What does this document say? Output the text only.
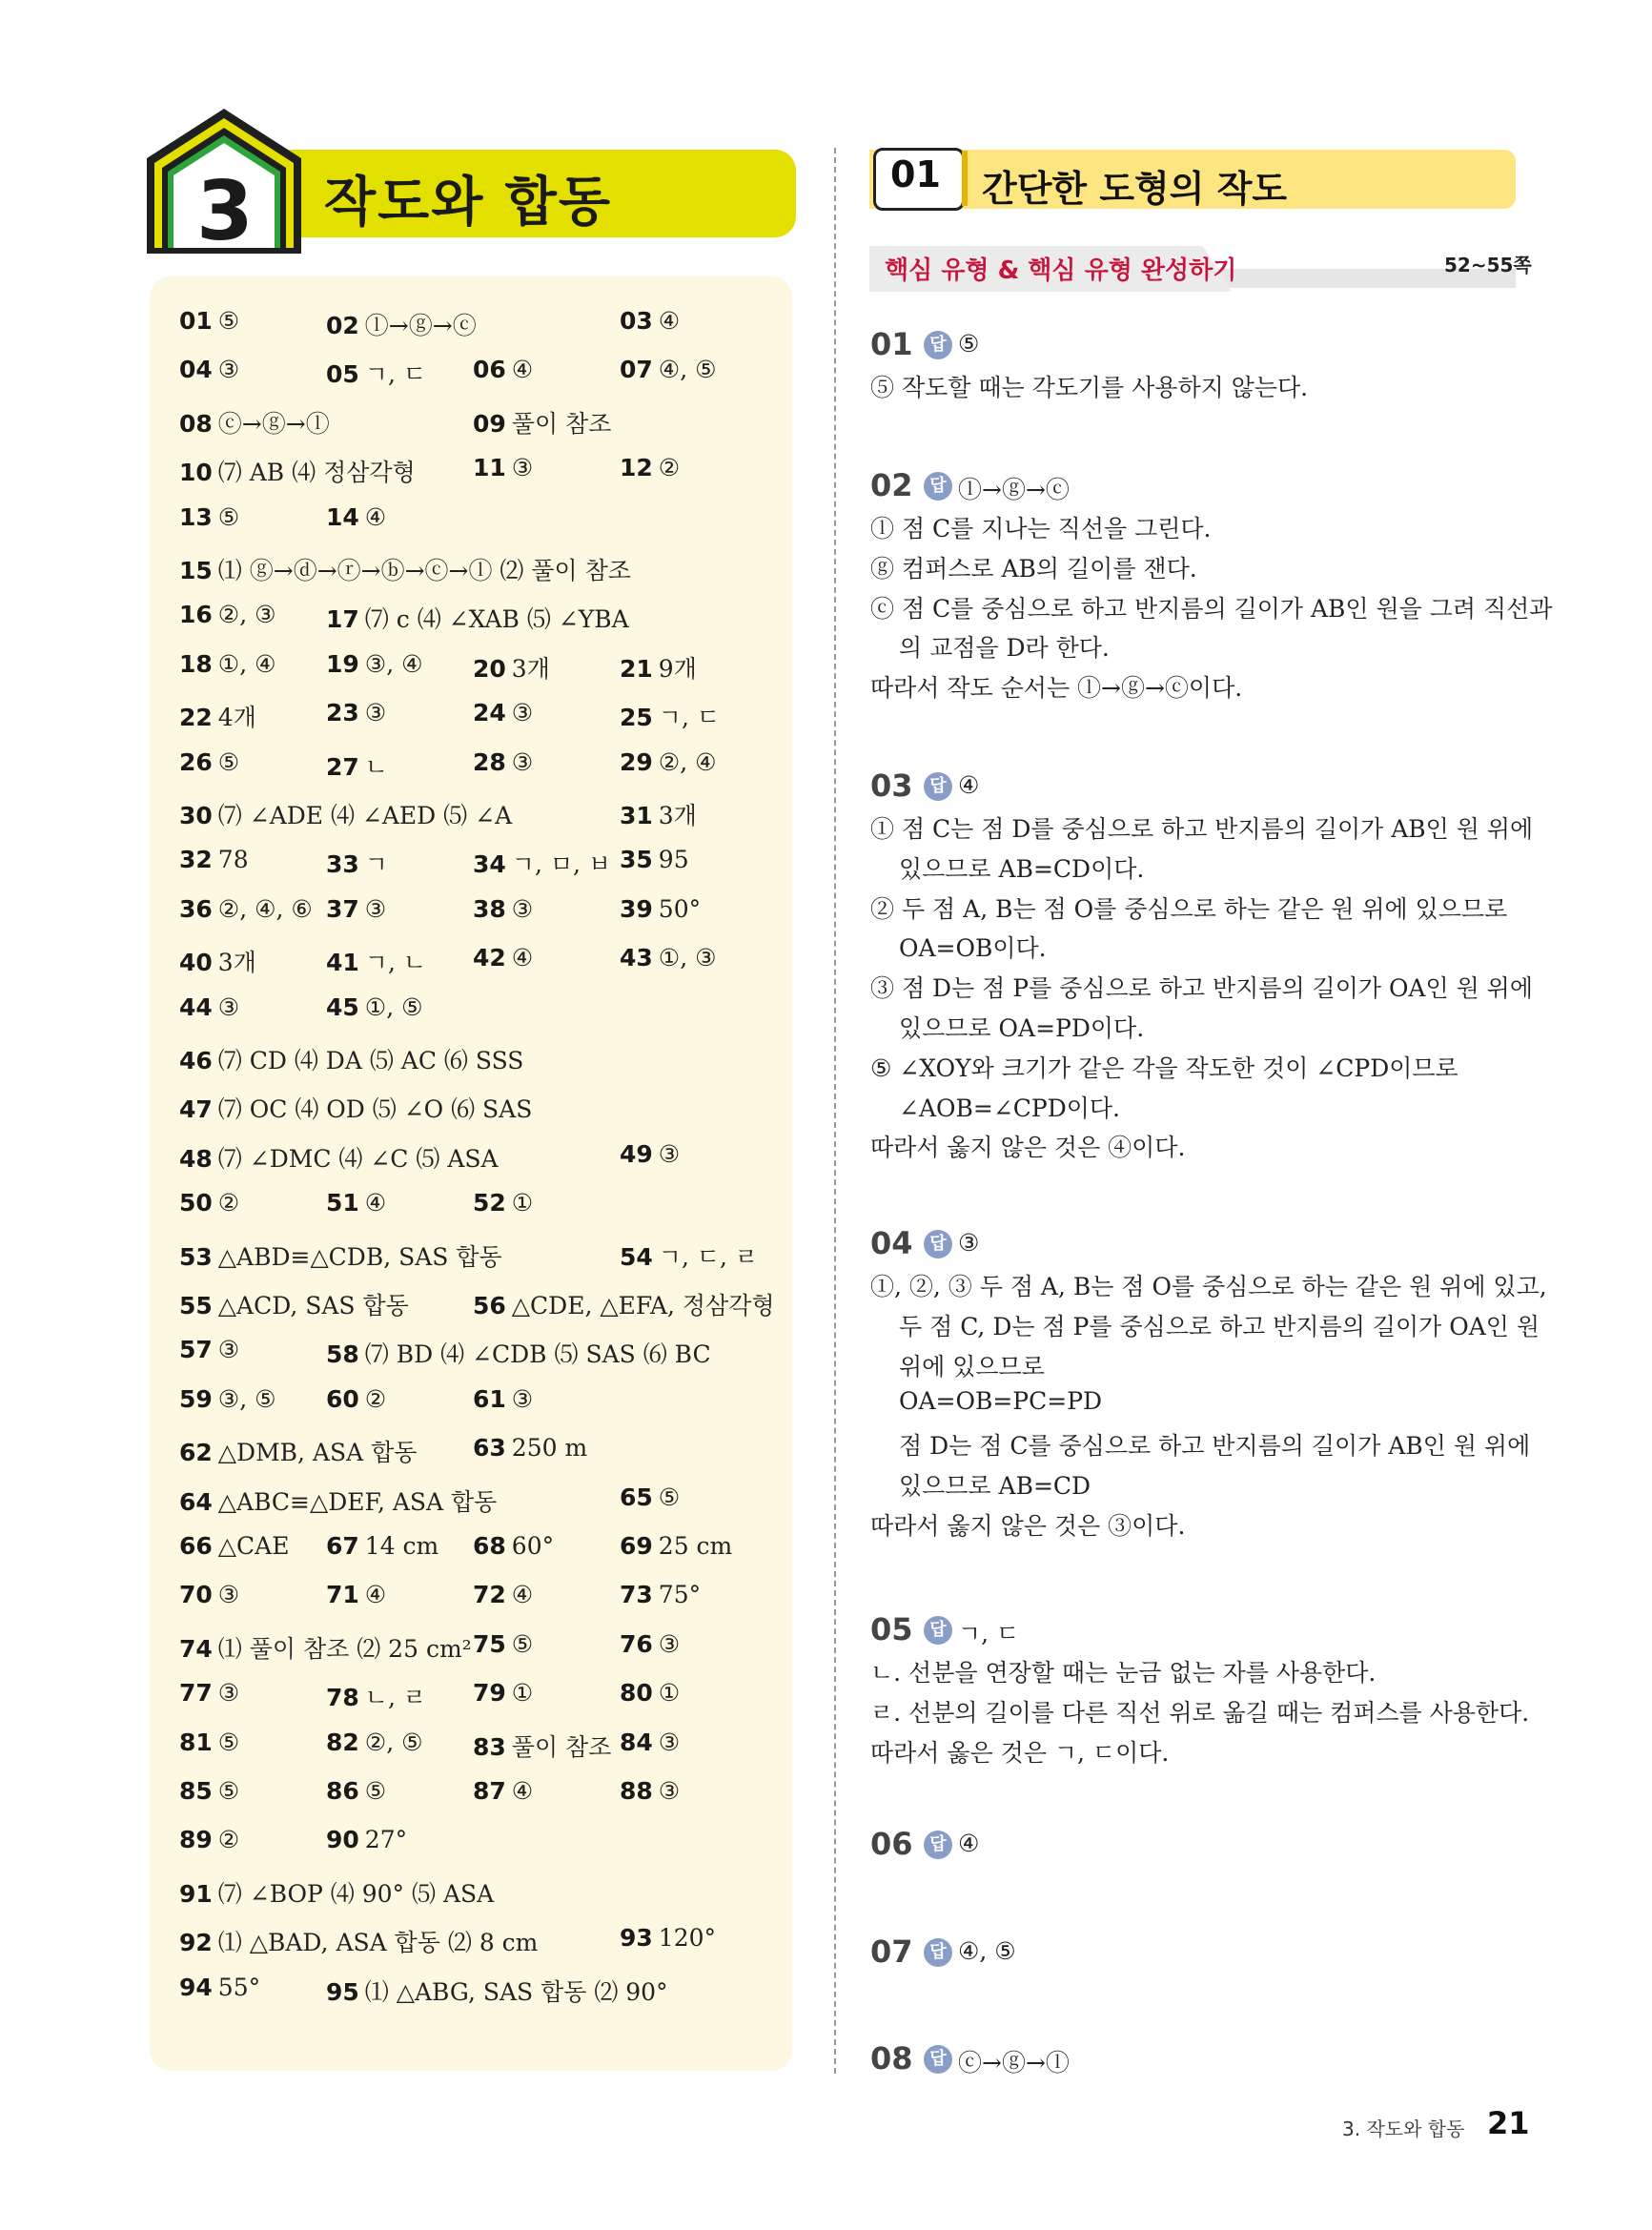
3 작도와 합동
01 ⑤	02 ⓛ→ⓖ→ⓒ	03 ④
04 ③	05 ㄱ, ㄷ 06 ④	07 ④, ⑤
08 ⓒ→ⓖ→ⓛ	09 풀이 참조
10 ⑺ AB ⑷ 정삼각형 11 ③	12 ②
13 ⑤	14 ④
15 ⑴ ⓖ→ⓓ→ⓡ→ⓑ→ⓒ→ⓛ ⑵ 풀이 참조
16 ②, ③ 17 ⑺ c ⑷ ∠XAB ⑸ ∠YBA
18 ①, ④ 19 ③, ④ 20 3개	21 9개
22 4개	23 ③	24 ③	25 ㄱ, ㄷ
26 ⑤	27 ㄴ	28 ③	29 ②, ④
30 ⑺ ∠ADE ⑷ ∠AED ⑸ ∠A	31 3개
32 78	33 ㄱ	34 ㄱ, ㅁ, ㅂ 35 95
36 ②, ④, ⑥ 37 ③	38 ③	39 50°
40 3개	41 ㄱ, ㄴ 42 ④	43 ①, ③
44 ③	45 ①, ⑤
46 ⑺ CD ⑷ DA ⑸ AC ⑹ SSS
47 ⑺ OC ⑷ OD ⑸ ∠O ⑹ SAS
48 ⑺ ∠DMC ⑷ ∠C ⑸ ASA	49 ③
50 ②	51 ④	52 ①
53 △ABD≡△CDB, SAS 합동	54 ㄱ, ㄷ, ㄹ
55 △ACD, SAS 합동	56 △CDE, △EFA, 정삼각형
57 ③	58 ⑺ BD ⑷ ∠CDB ⑸ SAS ⑹ BC
59 ③, ⑤ 60 ②	61 ③
62 △DMB, ASA 합동 63 250 m
64 △ABC≡△DEF, ASA 합동	65 ⑤
66 △CAE 67 14 cm 68 60°	69 25 cm
70 ③	71 ④	72 ④	73 75°
74 ⑴ 풀이 참조 ⑵ 25 cm² 75 ⑤	76 ③
77 ③	78 ㄴ, ㄹ 79 ①	80 ①
81 ⑤	82 ②, ⑤ 83 풀이 참조 84 ③
85 ⑤	86 ⑤	87 ④	88 ③
89 ②	90 27°
91 ⑺ ∠BOP ⑷ 90° ⑸ ASA
92 ⑴ △BAD, ASA 합동 ⑵ 8 cm	93 120°
94 55°	95 ⑴ △ABG, SAS 합동 ⑵ 90°
01 간단한 도형의 작도
핵심 유형 & 핵심 유형 완성하기	52~55쪽
01 답 ⑤
⑤ 작도할 때는 각도기를 사용하지 않는다.
02 답 ⓛ→ⓖ→ⓒ
ⓛ 점 C를 지나는 직선을 그린다.
ⓖ 컴퍼스로 AB의 길이를 잰다.
ⓒ 점 C를 중심으로 하고 반지름의 길이가 AB인 원을 그려 직선과
의 교점을 D라 한다.
따라서 작도 순서는 ⓛ→ⓖ→ⓒ이다.
03 답 ④
① 점 C는 점 D를 중심으로 하고 반지름의 길이가 AB인 원 위에
있으므로 AB=CD이다.
② 두 점 A, B는 점 O를 중심으로 하는 같은 원 위에 있으므로
OA=OB이다.
③ 점 D는 점 P를 중심으로 하고 반지름의 길이가 OA인 원 위에
있으므로 OA=PD이다.
⑤ ∠XOY와 크기가 같은 각을 작도한 것이 ∠CPD이므로
∠AOB=∠CPD이다.
따라서 옳지 않은 것은 ④이다.
04 답 ③
①, ②, ③ 두 점 A, B는 점 O를 중심으로 하는 같은 원 위에 있고,
두 점 C, D는 점 P를 중심으로 하고 반지름의 길이가 OA인 원
위에 있으므로
OA=OB=PC=PD
점 D는 점 C를 중심으로 하고 반지름의 길이가 AB인 원 위에
있으므로 AB=CD
따라서 옳지 않은 것은 ③이다.
05 답 ㄱ, ㄷ
ㄴ. 선분을 연장할 때는 눈금 없는 자를 사용한다.
ㄹ. 선분의 길이를 다른 직선 위로 옮길 때는 컴퍼스를 사용한다.
따라서 옳은 것은 ㄱ, ㄷ이다.
06 답 ④
07 답 ④, ⑤
08 답 ⓒ→ⓖ→ⓛ
3. 작도와 합동 21
